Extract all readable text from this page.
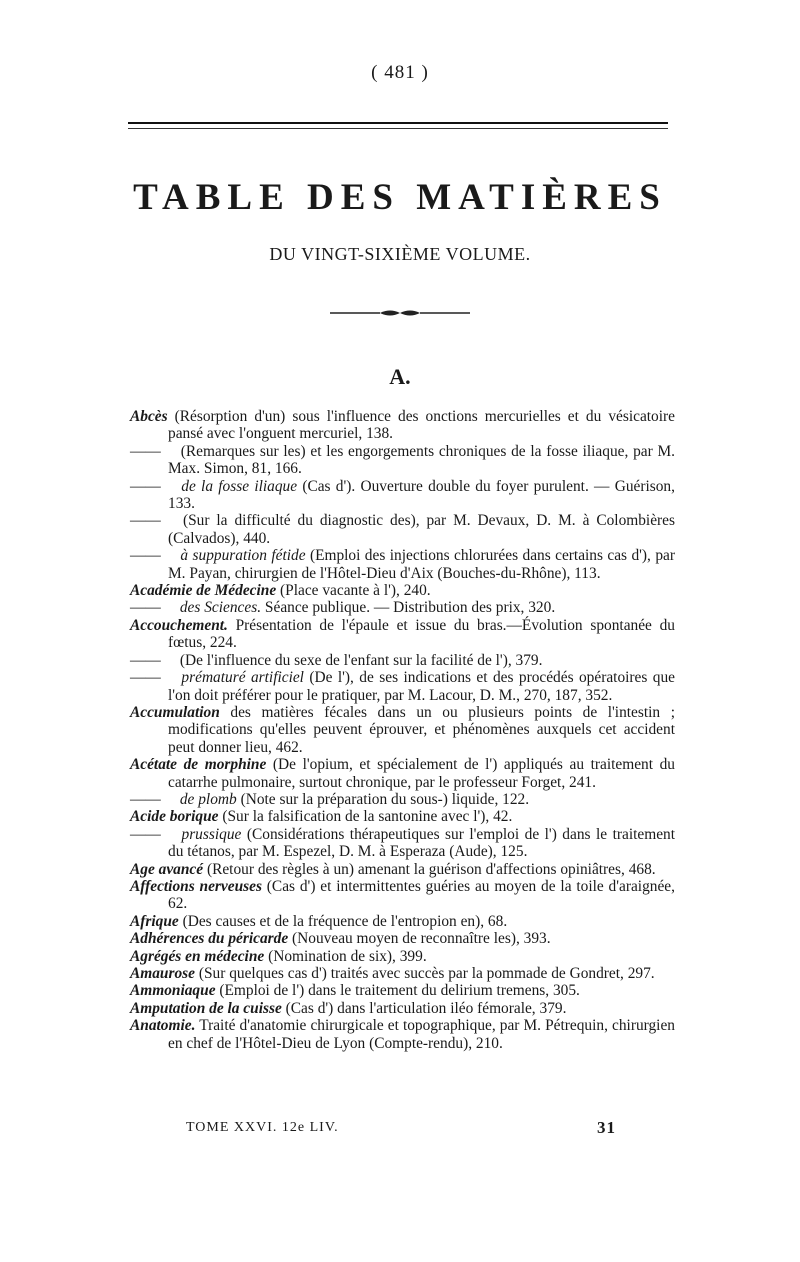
( 481 )
TABLE DES MATIÈRES
DU VINGT-SIXIÈME VOLUME.
A.
Abcès (Résorption d'un) sous l'influence des onctions mercurielles et du vésicatoire pansé avec l'onguent mercuriel, 138.
—— (Remarques sur les) et les engorgements chroniques de la fosse iliaque, par M. Max. Simon, 81, 166.
—— de la fosse iliaque (Cas d'). Ouverture double du foyer purulent. — Guérison, 133.
—— (Sur la difficulté du diagnostic des), par M. Devaux, D. M. à Colombières (Calvados), 440.
—— à suppuration fétide (Emploi des injections chlorurées dans certains cas d'), par M. Payan, chirurgien de l'Hôtel-Dieu d'Aix (Bouches-du-Rhône), 113.
Académie de Médecine (Place vacante à l'), 240.
—— des Sciences. Séance publique. — Distribution des prix, 320.
Accouchement. Présentation de l'épaule et issue du bras.—Évolution spontanée du fœtus, 224.
—— (De l'influence du sexe de l'enfant sur la facilité de l'), 379.
—— prématuré artificiel (De l'), de ses indications et des procédés opératoires que l'on doit préférer pour le pratiquer, par M. Lacour, D. M., 270, 187, 352.
Accumulation des matières fécales dans un ou plusieurs points de l'intestin ; modifications qu'elles peuvent éprouver, et phénomènes auxquels cet accident peut donner lieu, 462.
Acétate de morphine (De l'opium, et spécialement de l') appliqués au traitement du catarrhe pulmonaire, surtout chronique, par le professeur Forget, 241.
—— de plomb (Note sur la préparation du sous-) liquide, 122.
Acide borique (Sur la falsification de la santonine avec l'), 42.
—— prussique (Considérations thérapeutiques sur l'emploi de l') dans le traitement du tétanos, par M. Espezel, D. M. à Esperaza (Aude), 125.
Age avancé (Retour des règles à un) amenant la guérison d'affections opiniâtres, 468.
Affections nerveuses (Cas d') et intermittentes guéries au moyen de la toile d'araignée, 62.
Afrique (Des causes et de la fréquence de l'entropion en), 68.
Adhérences du péricarde (Nouveau moyen de reconnaître les), 393.
Agrégés en médecine (Nomination de six), 399.
Amaurose (Sur quelques cas d') traités avec succès par la pommade de Gondret, 297.
Ammoniaque (Emploi de l') dans le traitement du delirium tremens, 305.
Amputation de la cuisse (Cas d') dans l'articulation iléo fémorale, 379.
Anatomie. Traité d'anatomie chirurgicale et topographique, par M. Pétrequin, chirurgien en chef de l'Hôtel-Dieu de Lyon (Compte-rendu), 210.
TOME XXVI. 12e LIV.	31
